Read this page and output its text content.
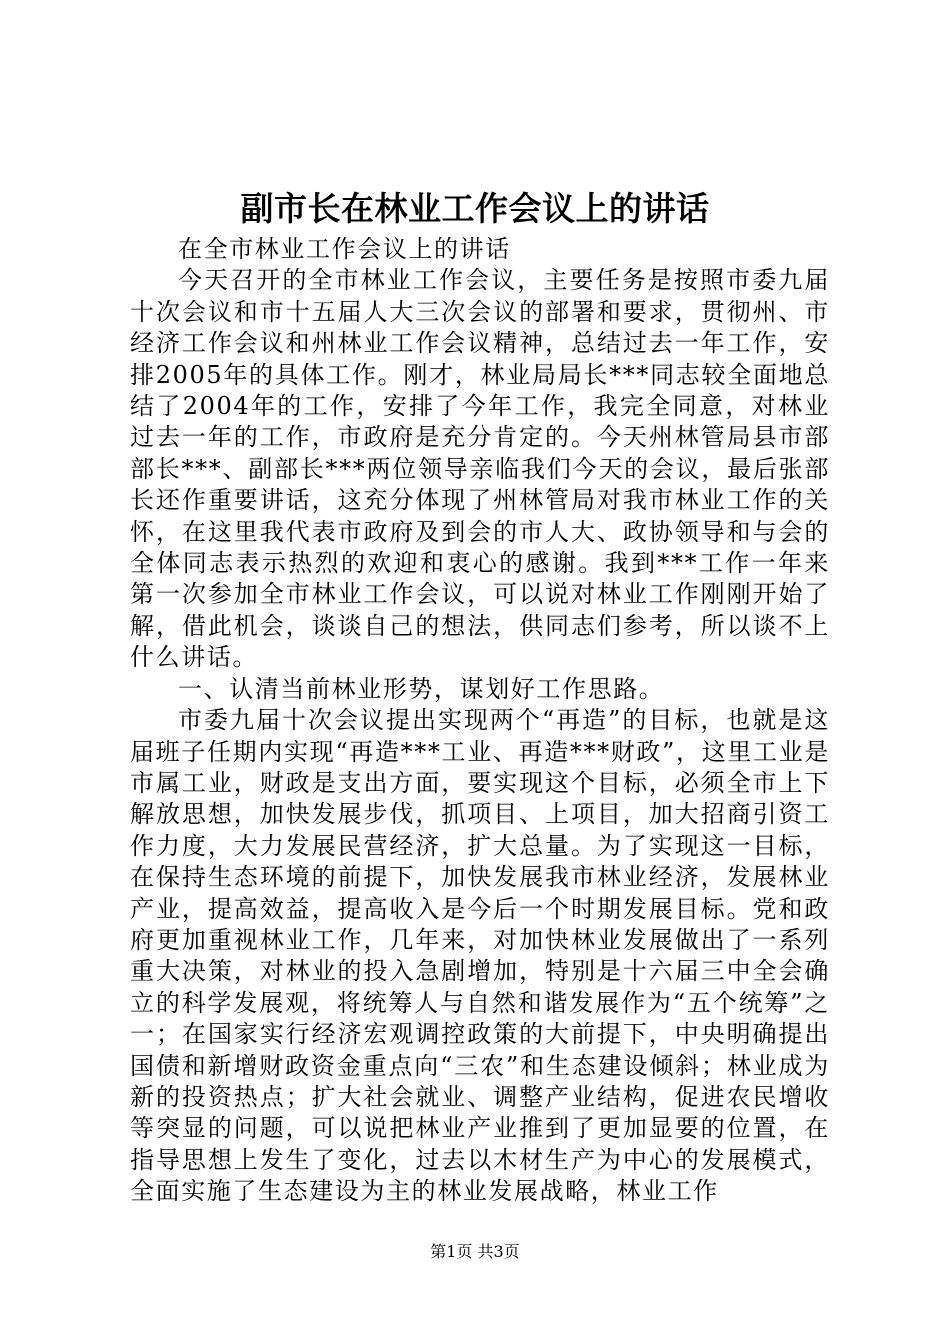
副市长在林业工作会议上的讲话

在全市林业工作会议上的讲话

今天召开的全市林业工作会议，主要任务是按照市委九届十次会议和市十五届人大三次会议的部署和要求，贯彻州、市经济工作会议和州林业工作会议精神，总结过去一年工作，安排2005年的具体工作。刚才，林业局局长***同志较全面地总结了2004年的工作，安排了今年工作，我完全同意，对林业过去一年的工作，市政府是充分肯定的。今天州林管局县市部部长***、副部长***两位领导亲临我们今天的会议，最后张部长还作重要讲话，这充分体现了州林管局对我市林业工作的关怀，在这里我代表市政府及到会的市人大、政协领导和与会的全体同志表示热烈的欢迎和衷心的感谢。我到***工作一年来第一次参加全市林业工作会议，可以说对林业工作刚刚开始了解，借此机会，谈谈自己的想法，供同志们参考，所以谈不上什么讲话。

一、认清当前林业形势，谋划好工作思路。

市委九届十次会议提出实现两个“再造”的目标，也就是这届班子任期内实现“再造***工业、再造***财政”，这里工业是市属工业，财政是支出方面，要实现这个目标，必须全市上下解放思想，加快发展步伐，抓项目、上项目，加大招商引资工作力度，大力发展民营经济，扩大总量。为了实现这一目标，在保持生态环境的前提下，加快发展我市林业经济，发展林业产业，提高效益，提高收入是今后一个时期发展目标。党和政府更加重视林业工作，几年来，对加快林业发展做出了一系列重大决策，对林业的投入急剧增加，特别是十六届三中全会确立的科学发展观，将统筹人与自然和谐发展作为“五个统筹”之一；在国家实行经济宏观调控政策的大前提下，中央明确提出国债和新增财政资金重点向“三农”和生态建设倾斜；林业成为新的投资热点；扩大社会就业、调整产业结构，促进农民增收等突显的问题，可以说把林业产业推到了更加显要的位置，在指导思想上发生了变化，过去以木材生产为中心的发展模式，全面实施了生态建设为主的林业发展战略，林业工作

第1页 共3页
